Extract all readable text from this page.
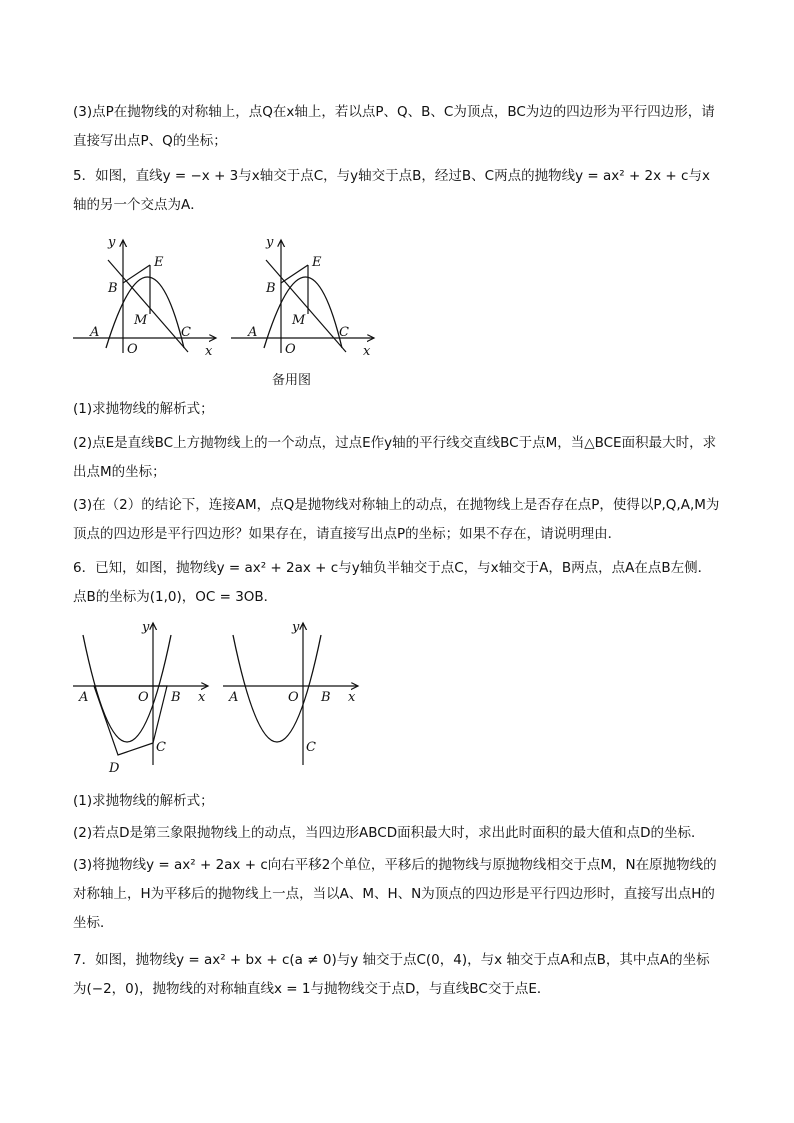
(3)点P在抛物线的对称轴上，点Q在x轴上，若以点P、Q、B、C为顶点，BC为边的四边形为平行四边形，请直接写出点P、Q的坐标；

5．如图，直线y = −x + 3与x轴交于点C，与y轴交于点B，经过B、C两点的抛物线y = ax² + 2x + c与x轴的另一个交点为A．

y
E
B
M
A	C
O	x
y
E
B
M
A	C
O	x
备用图

(1)求抛物线的解析式；

(2)点E是直线BC上方抛物线上的一个动点，过点E作y轴的平行线交直线BC于点M，当△BCE面积最大时，求出点M的坐标；

(3)在（2）的结论下，连接AM，点Q是抛物线对称轴上的动点，在抛物线上是否存在点P，使得以P,Q,A,M为顶点的四边形是平行四边形？如果存在，请直接写出点P的坐标；如果不存在，请说明理由．

6．已知，如图，抛物线y = ax² + 2ax + c与y轴负半轴交于点C，与x轴交于A，B两点，点A在点B左侧．点B的坐标为(1,0)，OC = 3OB．

y
A	O B x
C
D
y
A	O B x
C

(1)求抛物线的解析式；

(2)若点D是第三象限抛物线上的动点，当四边形ABCD面积最大时，求出此时面积的最大值和点D的坐标．

(3)将抛物线y = ax² + 2ax + c向右平移2个单位，平移后的抛物线与原抛物线相交于点M，N在原抛物线的对称轴上，H为平移后的抛物线上一点，当以A、M、H、N为顶点的四边形是平行四边形时，直接写出点H的坐标．

7．如图，抛物线y = ax² + bx + c(a ≠ 0)与y 轴交于点C(0，4)，与x 轴交于点A和点B，其中点A的坐标为(−2，0)，抛物线的对称轴直线x = 1与抛物线交于点D，与直线BC交于点E．
